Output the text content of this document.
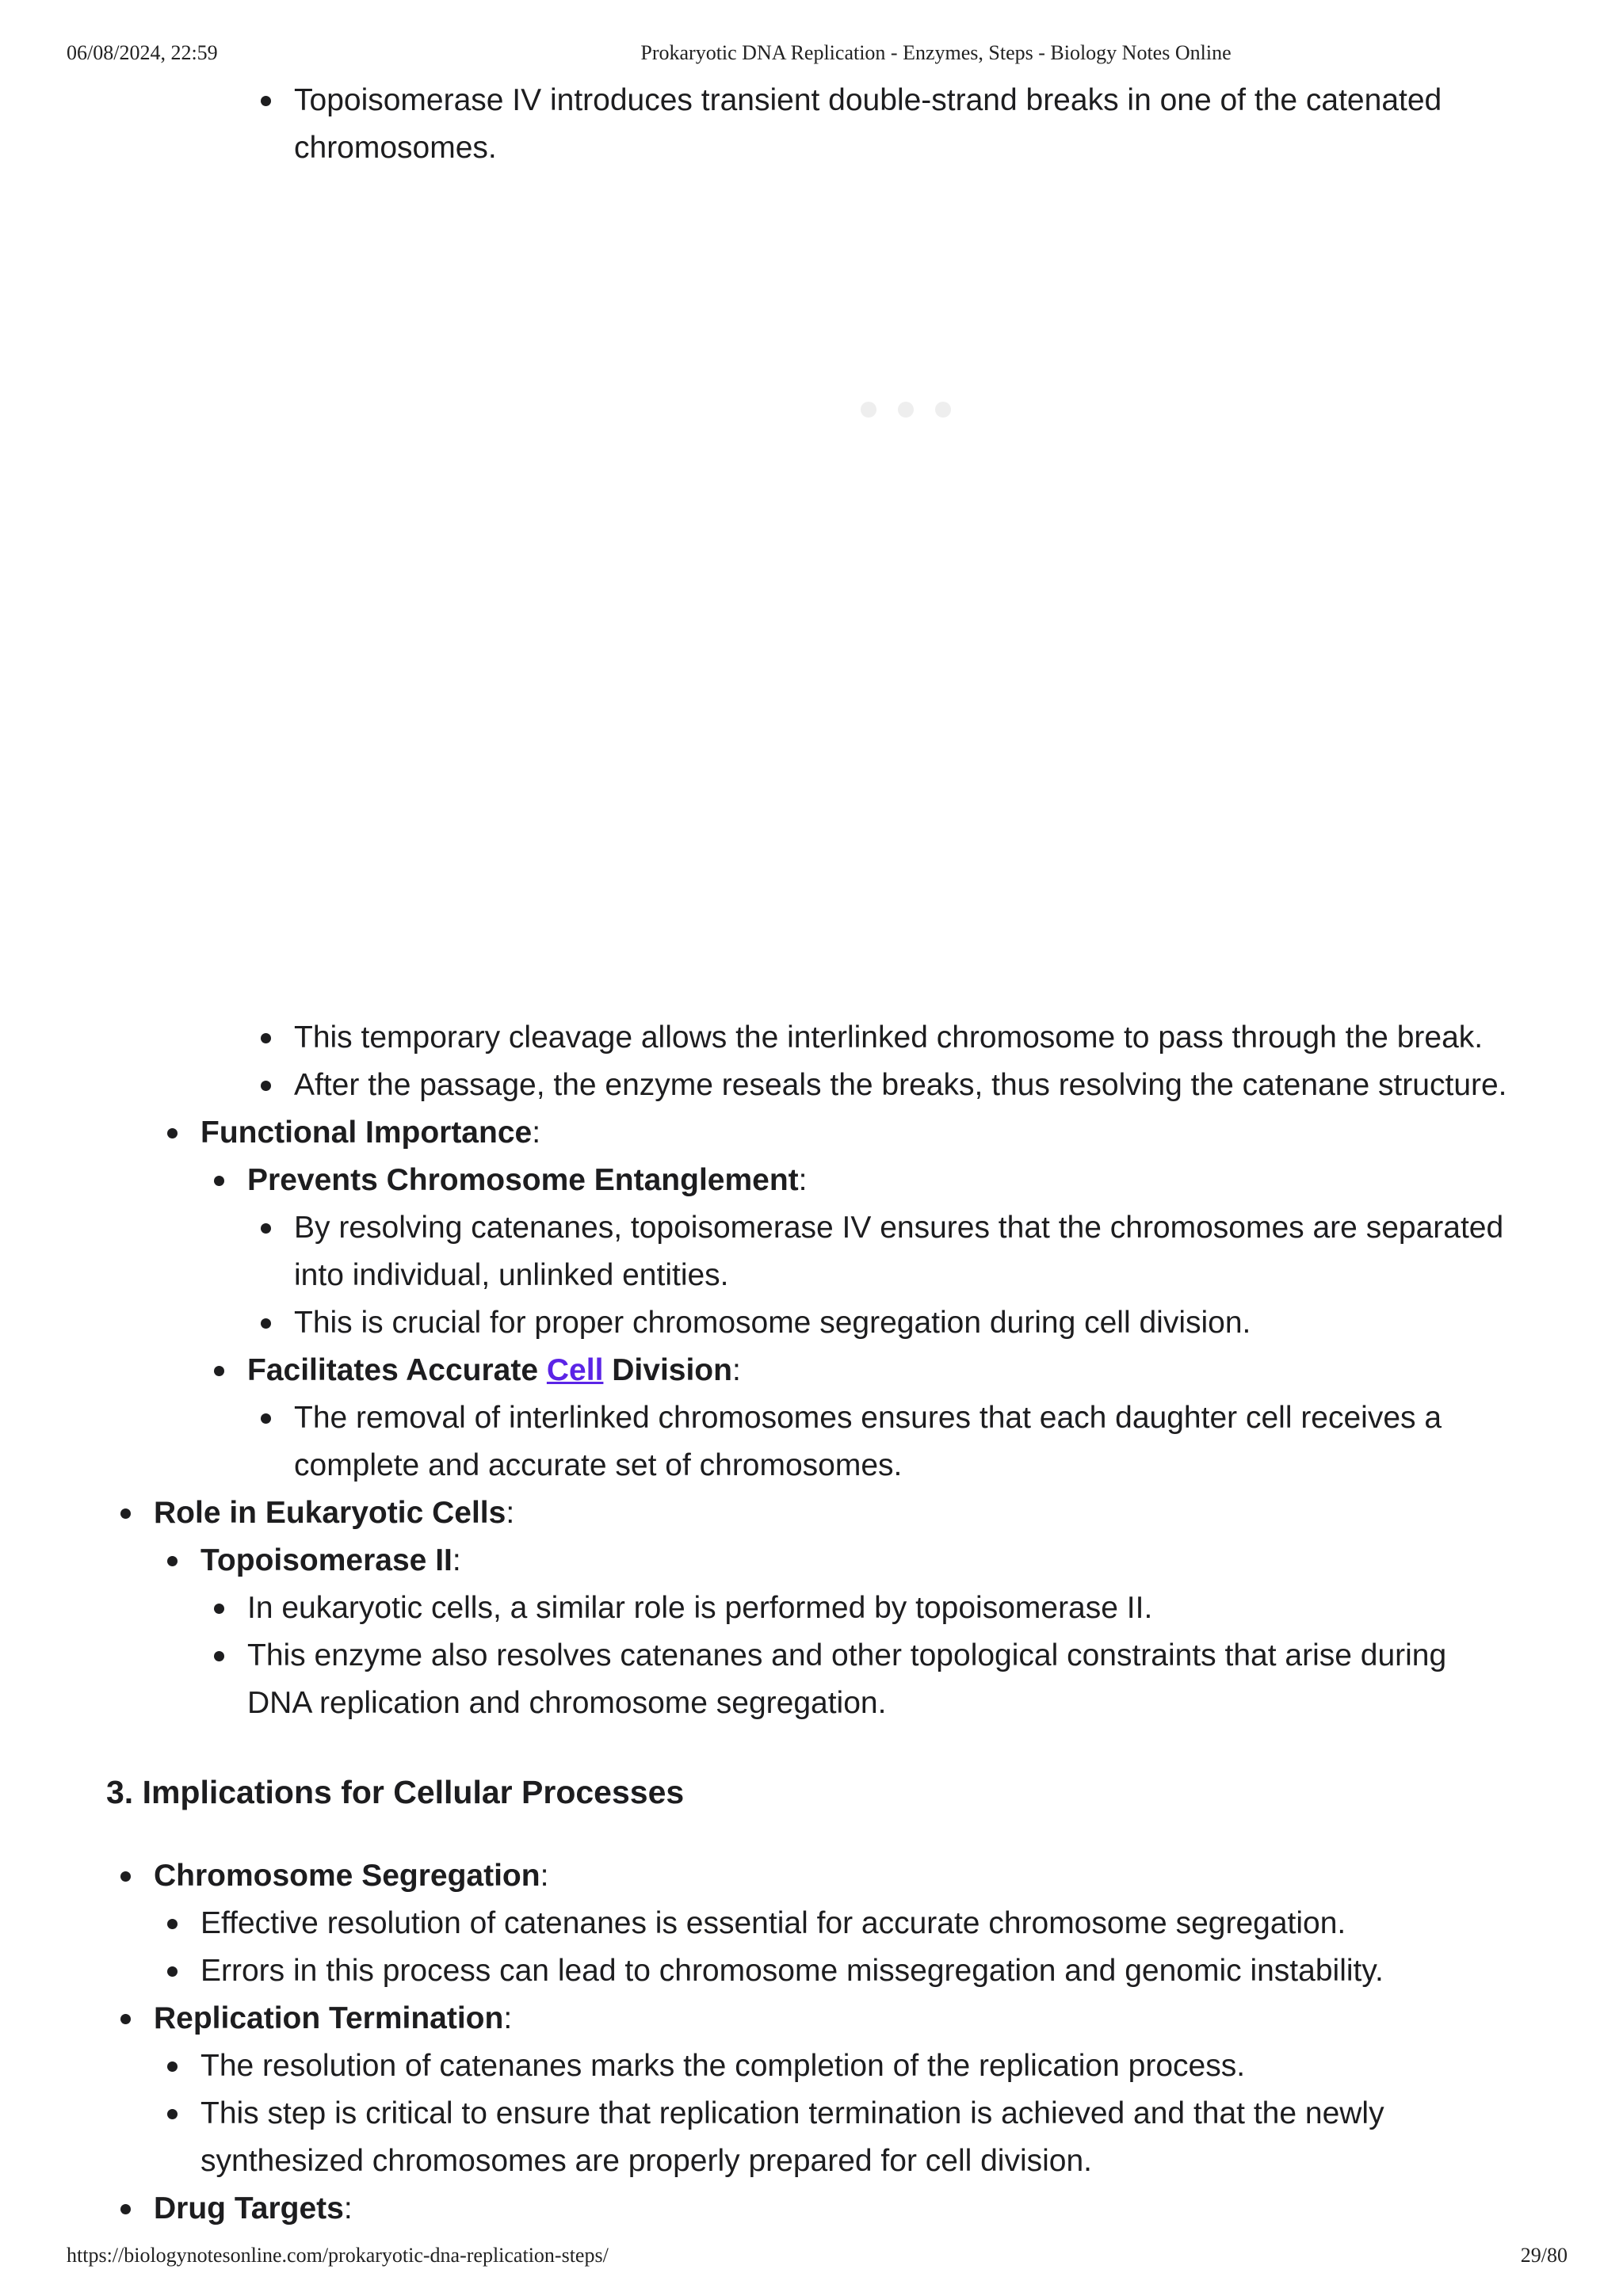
06/08/2024, 22:59	Prokaryotic DNA Replication - Enzymes, Steps - Biology Notes Online
Topoisomerase IV introduces transient double-strand breaks in one of the catenated
chromosomes.
This temporary cleavage allows the interlinked chromosome to pass through the break.
After the passage, the enzyme reseals the breaks, thus resolving the catenane structure.
Functional Importance:
Prevents Chromosome Entanglement:
By resolving catenanes, topoisomerase IV ensures that the chromosomes are separated
into individual, unlinked entities.
This is crucial for proper chromosome segregation during cell division.
Facilitates Accurate Cell Division:
The removal of interlinked chromosomes ensures that each daughter cell receives a
complete and accurate set of chromosomes.
Role in Eukaryotic Cells:
Topoisomerase II:
In eukaryotic cells, a similar role is performed by topoisomerase II.
This enzyme also resolves catenanes and other topological constraints that arise during
DNA replication and chromosome segregation.
3. Implications for Cellular Processes
Chromosome Segregation:
Effective resolution of catenanes is essential for accurate chromosome segregation.
Errors in this process can lead to chromosome missegregation and genomic instability.
Replication Termination:
The resolution of catenanes marks the completion of the replication process.
This step is critical to ensure that replication termination is achieved and that the newly
synthesized chromosomes are properly prepared for cell division.
Drug Targets:
https://biologynotesonline.com/prokaryotic-dna-replication-steps/	29/80
